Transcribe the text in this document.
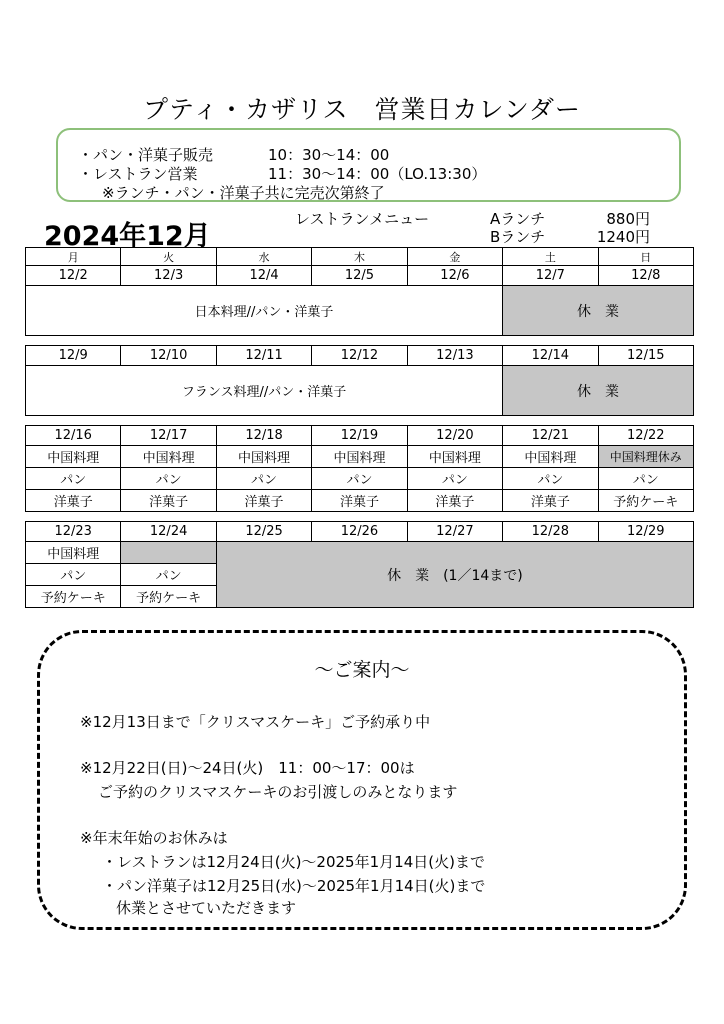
プティ・カザリス　営業日カレンダー
・パン・洋菓子販売	10：30〜14：00
・レストラン営業	11：30〜14：00（LO.13:30）
※ランチ・パン・洋菓子共に完売次第終了
2024年12月
レストランメニュー	Aランチ	880円
Bランチ	1240円
月	火	水	木	金	土	日
12/2	12/3	12/4	12/5	12/6	12/7	12/8
日本料理//パン・洋菓子					休　業	
12/9	12/10	12/11	12/12	12/13	12/14	12/15
フランス料理//パン・洋菓子					休　業	
12/16	12/17	12/18	12/19	12/20	12/21	12/22
中国料理	中国料理	中国料理	中国料理	中国料理	中国料理	中国料理休み
パン	パン	パン	パン	パン	パン	パン
洋菓子	洋菓子	洋菓子	洋菓子	洋菓子	洋菓子	予約ケーキ
12/23	12/24	12/25	12/26	12/27	12/28	12/29
中国料理		休　業　(1／14まで)				
パン	パン					
予約ケーキ	予約ケーキ					
〜ご案内〜
※12月13日まで「クリスマスケーキ」ご予約承り中
※12月22日(日)〜24日(火)　11：00〜17：00は
ご予約のクリスマスケーキのお引渡しのみとなります
※年末年始のお休みは
・レストランは12月24日(火)〜2025年1月14日(火)まで
・パン洋菓子は12月25日(水)〜2025年1月14日(火)まで
休業とさせていただきます
